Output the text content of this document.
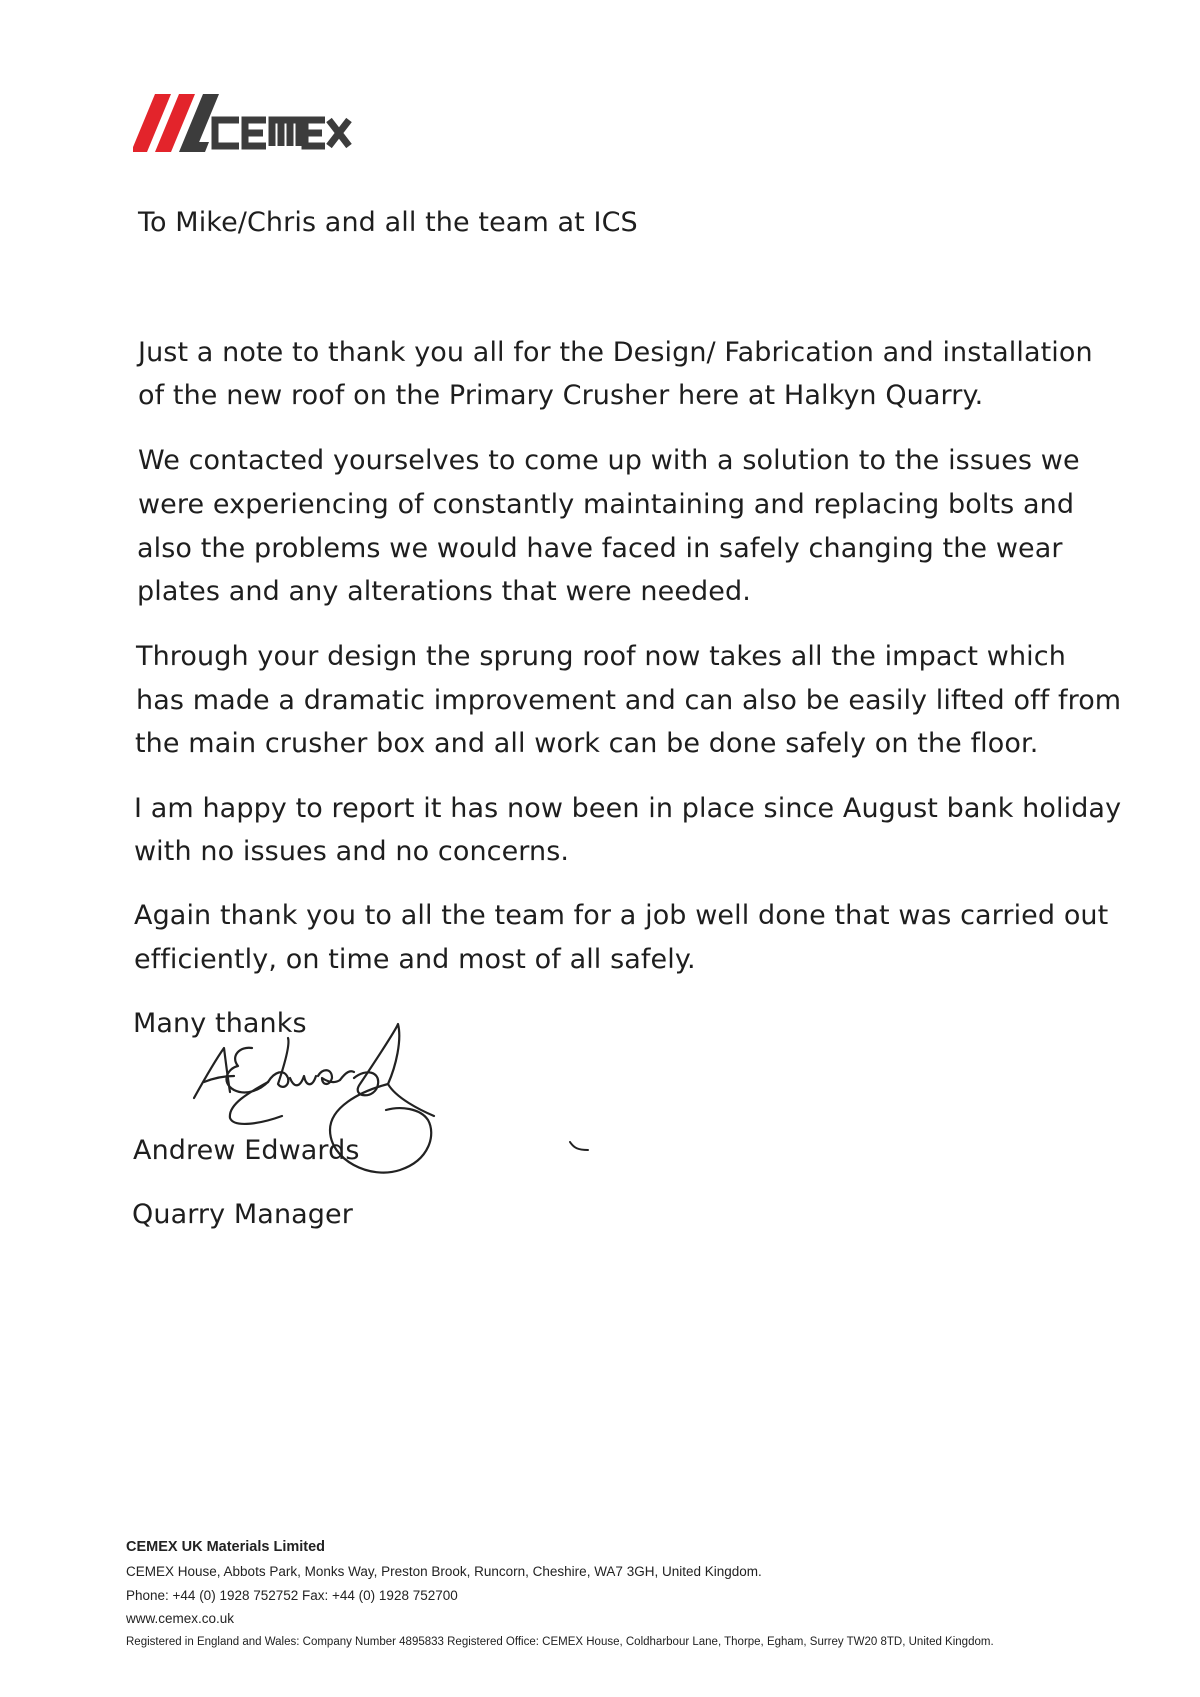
To Mike/Chris and all the team at ICS
Just a note to thank you all for the Design/ Fabrication and installation
of the new roof on the Primary Crusher here at Halkyn Quarry.
We contacted yourselves to come up with a solution to the issues we
were experiencing of constantly maintaining and replacing bolts and
also the problems we would have faced in safely changing the wear
plates and any alterations that were needed.
Through your design the sprung roof now takes all the impact which
has made a dramatic improvement and can also be easily lifted off from
the main crusher box and all work can be done safely on the floor.
I am happy to report it has now been in place since August bank holiday
with no issues and no concerns.
Again thank you to all the team for a job well done that was carried out
efficiently, on time and most of all safely.
Many thanks
Andrew Edwards
Quarry Manager
CEMEX UK Materials Limited
CEMEX House, Abbots Park, Monks Way, Preston Brook, Runcorn, Cheshire, WA7 3GH, United Kingdom.
Phone: +44 (0) 1928 752752 Fax: +44 (0) 1928 752700
www.cemex.co.uk
Registered in England and Wales: Company Number 4895833 Registered Office: CEMEX House, Coldharbour Lane, Thorpe, Egham, Surrey TW20 8TD, United Kingdom.
